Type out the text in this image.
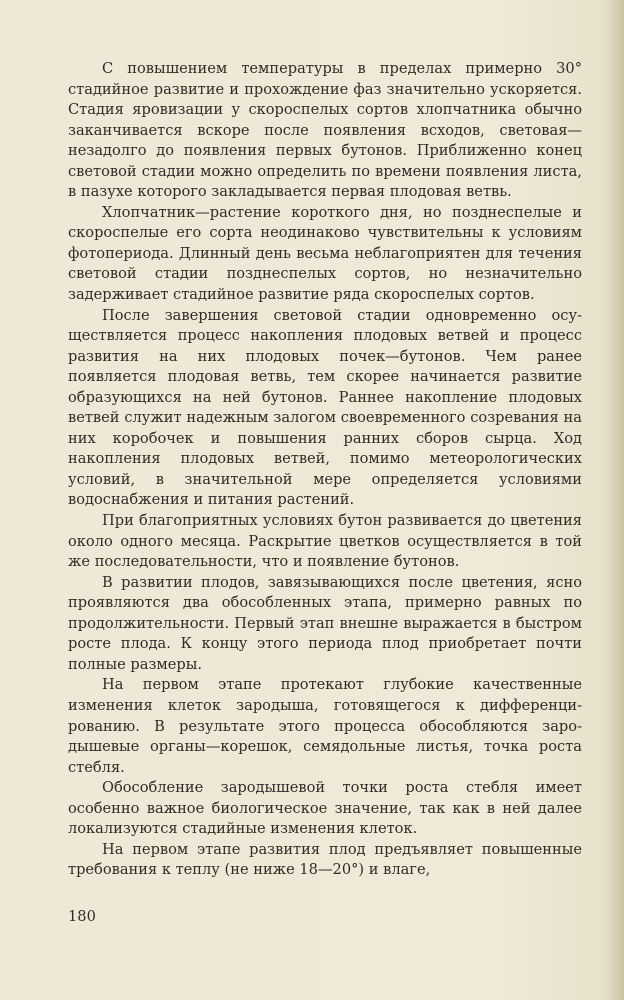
С повышением температуры в пределах примерно 30° стадийное развитие и прохождение фаз значительно ускоряется. Стадия яровизации у скороспелых сортов хлопчатника обычно заканчивается вскоре после появления всходов, световая—незадолго до появления первых бутонов. Приближенно конец световой стадии можно определить по времени появления листа, в пазухе которого закладывается первая плодовая ветвь.

Хлопчатник—растение короткого дня, но позднеспелые и скороспелые его сорта неодинаково чувствительны к условиям фотопериода. Длинный день весьма неблагоприятен для течения световой стадии позднеспелых сортов, но незначительно задерживает стадийное развитие ряда скороспелых сортов.

После завершения световой стадии одновременно осуществляется процесс накопления плодовых ветвей и процесс развития на них плодовых почек—бутонов. Чем ранее появляется плодовая ветвь, тем скорее начинается развитие образующихся на ней бутонов. Раннее накопление плодовых ветвей служит надежным залогом своевременного созревания на них коробочек и повышения ранних сборов сырца. Ход накопления плодовых ветвей, помимо метеорологических условий, в значительной мере определяется условиями водоснабжения и питания растений.

При благоприятных условиях бутон развивается до цветения около одного месяца. Раскрытие цветков осуществляется в той же последовательности, что и появление бутонов.

В развитии плодов, завязывающихся после цветения, ясно проявляются два обособленных этапа, примерно равных по продолжительности. Первый этап внешне выражается в быстром росте плода. К концу этого периода плод приобретает почти полные размеры.

На первом этапе протекают глубокие качественные изменения клеток зародыша, готовящегося к дифференцированию. В результате этого процесса обособляются зародышевые органы—корешок, семядольные листья, точка роста стебля.

Обособление зародышевой точки роста стебля имеет особенно важное биологическое значение, так как в ней далее локализуются стадийные изменения клеток.

На первом этапе развития плод предъявляет повышенные требования к теплу (не ниже 18—20°) и влаге,

180
